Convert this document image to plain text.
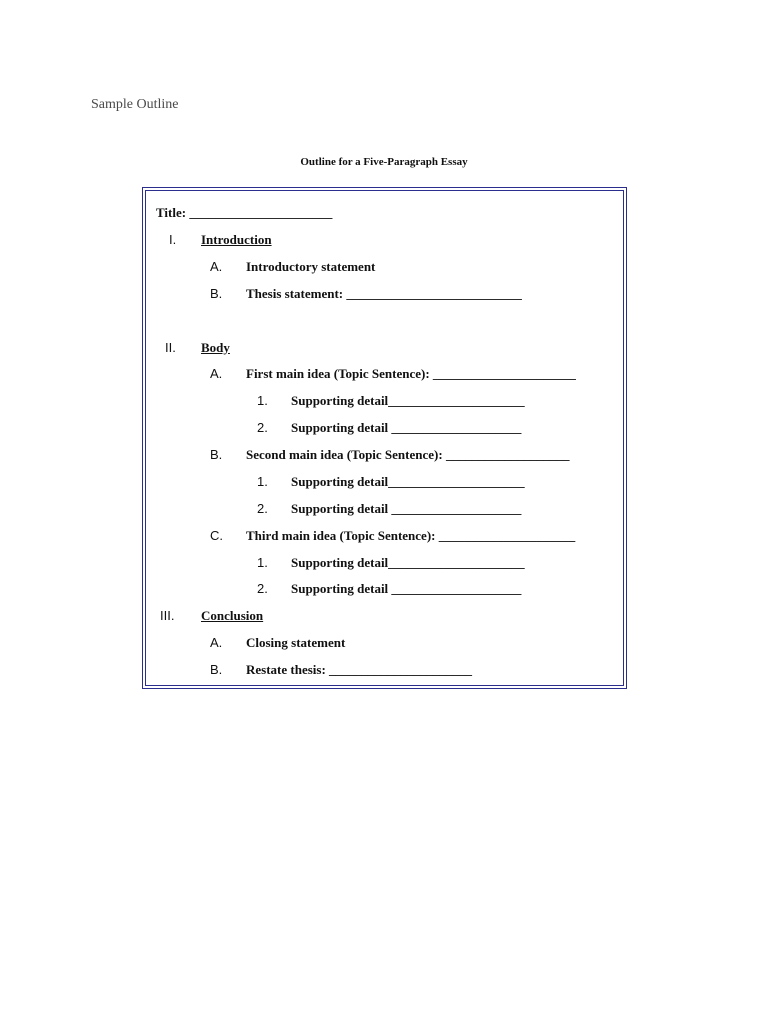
Sample Outline
Outline for a Five-Paragraph Essay
Title: ______________________
I. Introduction
A. Introductory statement
B. Thesis statement: ___________________________
II. Body
A. First main idea (Topic Sentence): ______________________
1. Supporting detail_____________________
2. Supporting detail ____________________
B. Second main idea (Topic Sentence): ___________________
1. Supporting detail_____________________
2. Supporting detail ____________________
C. Third main idea (Topic Sentence): _____________________
1. Supporting detail_____________________
2. Supporting detail ____________________
III. Conclusion
A. Closing statement
B. Restate thesis: ______________________
